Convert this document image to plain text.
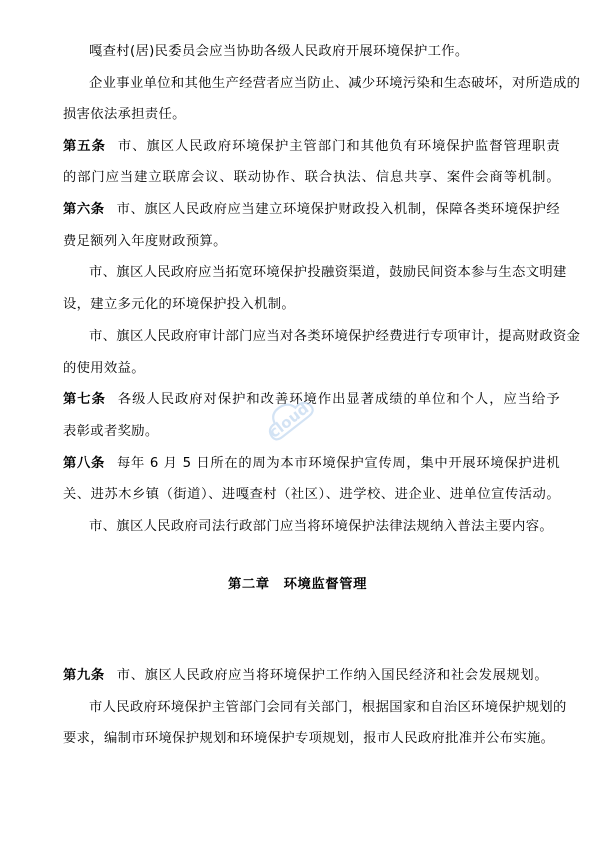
嘎查村(居)民委员会应当协助各级人民政府开展环境保护工作。

企业事业单位和其他生产经营者应当防止、减少环境污染和生态破坏，对所造成的

损害依法承担责任。

第五条 市、旗区人民政府环境保护主管部门和其他负有环境保护监督管理职责

的部门应当建立联席会议、联动协作、联合执法、信息共享、案件会商等机制。

第六条 市、旗区人民政府应当建立环境保护财政投入机制，保障各类环境保护经

费足额列入年度财政预算。

市、旗区人民政府应当拓宽环境保护投融资渠道，鼓励民间资本参与生态文明建

设，建立多元化的环境保护投入机制。

市、旗区人民政府审计部门应当对各类环境保护经费进行专项审计，提高财政资金

的使用效益。

第七条 各级人民政府对保护和改善环境作出显著成绩的单位和个人，应当给予

表彰或者奖励。

第八条 每年 6 月 5 日所在的周为本市环境保护宣传周，集中开展环境保护进机

关、进苏木乡镇（街道）、进嘎查村（社区）、进学校、进企业、进单位宣传活动。

市、旗区人民政府司法行政部门应当将环境保护法律法规纳入普法主要内容。

第二章　环境监督管理

第九条 市、旗区人民政府应当将环境保护工作纳入国民经济和社会发展规划。

市人民政府环境保护主管部门会同有关部门，根据国家和自治区环境保护规划的

要求，编制市环境保护规划和环境保护专项规划，报市人民政府批准并公布实施。

cloud
